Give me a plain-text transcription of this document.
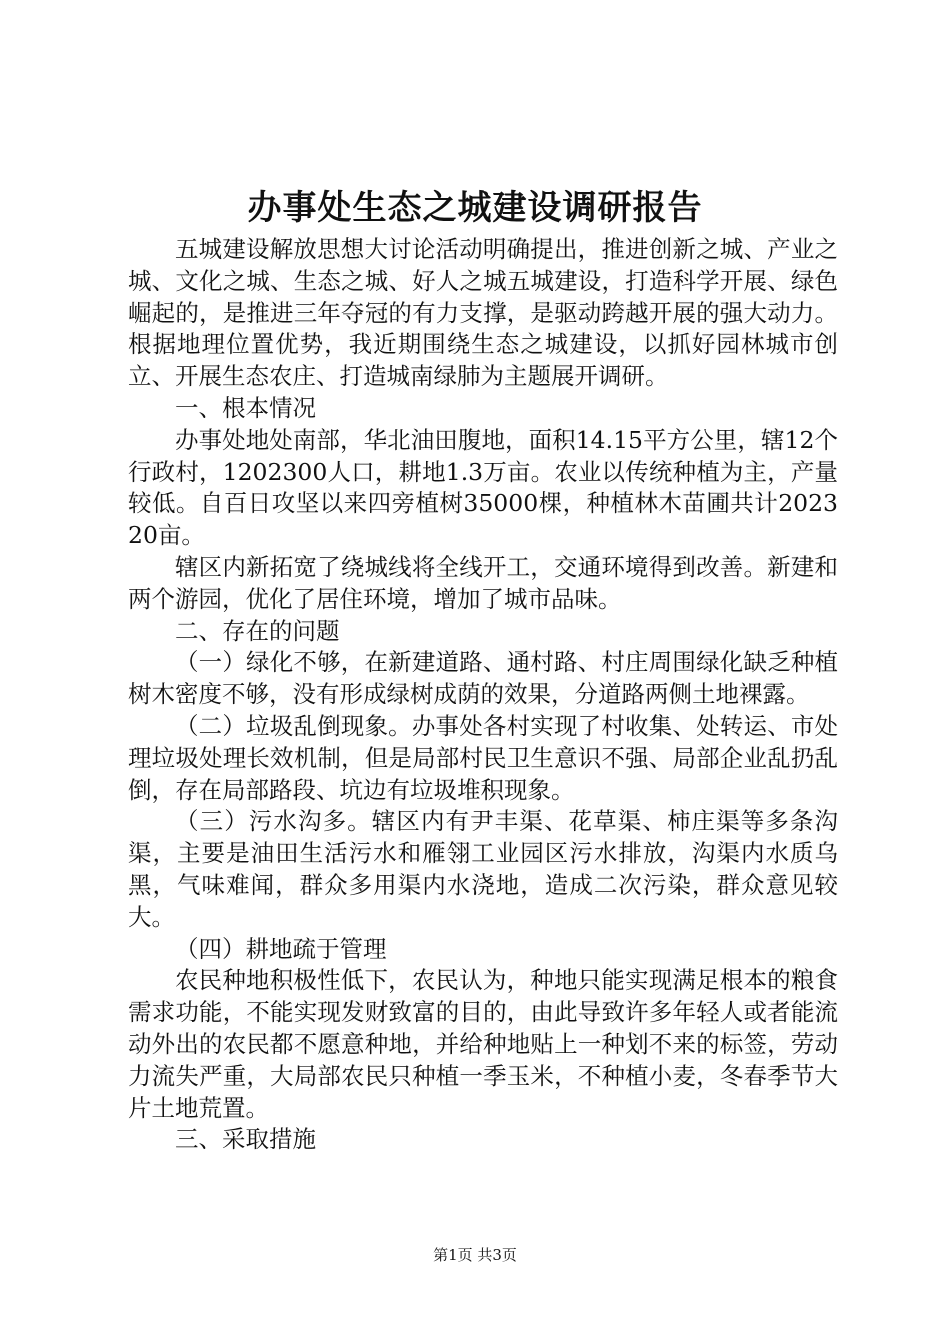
办事处生态之城建设调研报告

五城建设解放思想大讨论活动明确提出，推进创新之城、产业之城、文化之城、生态之城、好人之城五城建设，打造科学开展、绿色崛起的，是推进三年夺冠的有力支撑，是驱动跨越开展的强大动力。根据地理位置优势，我近期围绕生态之城建设，以抓好园林城市创立、开展生态农庄、打造城南绿肺为主题展开调研。

一、根本情况

办事处地处南部，华北油田腹地，面积14.15平方公里，辖12个行政村，1202300人口，耕地1.3万亩。农业以传统种植为主，产量较低。自百日攻坚以来四旁植树35000棵，种植林木苗圃共计202320亩。

辖区内新拓宽了绕城线将全线开工，交通环境得到改善。新建和两个游园，优化了居住环境，增加了城市品味。

二、存在的问题

（一）绿化不够，在新建道路、通村路、村庄周围绿化缺乏种植树木密度不够，没有形成绿树成荫的效果，分道路两侧土地裸露。

（二）垃圾乱倒现象。办事处各村实现了村收集、处转运、市处理垃圾处理长效机制，但是局部村民卫生意识不强、局部企业乱扔乱倒，存在局部路段、坑边有垃圾堆积现象。

（三）污水沟多。辖区内有尹丰渠、花草渠、柿庄渠等多条沟渠，主要是油田生活污水和雁翎工业园区污水排放，沟渠内水质乌黑，气味难闻，群众多用渠内水浇地，造成二次污染，群众意见较大。

（四）耕地疏于管理

农民种地积极性低下，农民认为，种地只能实现满足根本的粮食需求功能，不能实现发财致富的目的，由此导致许多年轻人或者能流动外出的农民都不愿意种地，并给种地贴上一种划不来的标签，劳动力流失严重，大局部农民只种植一季玉米，不种植小麦，冬春季节大片土地荒置。

三、采取措施

第1页 共3页
